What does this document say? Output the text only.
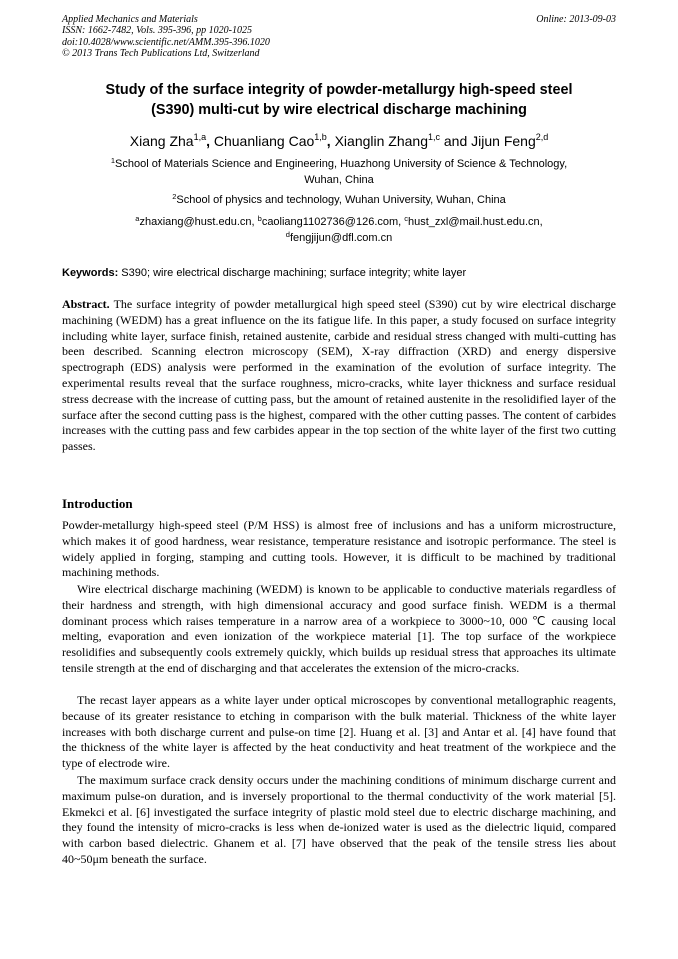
Applied Mechanics and Materials
ISSN: 1662-7482, Vols. 395-396, pp 1020-1025
doi:10.4028/www.scientific.net/AMM.395-396.1020
© 2013 Trans Tech Publications Ltd, Switzerland
Online: 2013-09-03
Study of the surface integrity of powder-metallurgy high-speed steel
(S390) multi-cut by wire electrical discharge machining
Xiang Zha$^{1,a}$, Chuanliang Cao$^{1,b}$, Xianglin Zhang$^{1,c}$ and Jijun Feng$^{2,d}$
$^1$School of Materials Science and Engineering, Huazhong University of Science & Technology,
Wuhan, China
$^2$School of physics and technology, Wuhan University, Wuhan, China
$^a$zhaxiang@hust.edu.cn, $^b$caoliang1102736@126.com, $^c$hust_zxl@mail.hust.edu.cn,
$^d$fengjijun@dfl.com.cn
Keywords: S390; wire electrical discharge machining; surface integrity; white layer
Abstract. The surface integrity of powder metallurgical high speed steel (S390) cut by wire electrical discharge machining (WEDM) has a great influence on the its fatigue life. In this paper, a study focused on surface integrity including white layer, surface finish, retained austenite, carbide and residual stress changed with multi-cutting has been described. Scanning electron microscopy (SEM), X-ray diffraction (XRD) and energy dispersive spectrograph (EDS) analysis were performed in the examination of the evolution of surface integrity. The experimental results reveal that the surface roughness, micro-cracks, white layer thickness and surface residual stress decrease with the increase of cutting pass, but the amount of retained austenite in the resolidified layer of the surface after the second cutting pass is the highest, compared with the other cutting passes. The content of carbides increases with the cutting pass and few carbides appear in the top section of the white layer of the first two cutting passes.
Introduction
Powder-metallurgy high-speed steel (P/M HSS) is almost free of inclusions and has a uniform microstructure, which makes it of good hardness, wear resistance, temperature resistance and isotropic performance. The steel is widely applied in forging, stamping and cutting tools. However, it is difficult to be machined by traditional machining methods.
Wire electrical discharge machining (WEDM) is known to be applicable to conductive materials regardless of their hardness and strength, with high dimensional accuracy and good surface finish. WEDM is a thermal dominant process which raises temperature in a narrow area of a workpiece to 3000~10, 000 ℃ causing local melting, evaporation and even ionization of the workpiece material [1]. The top surface of the workpiece resolidifies and subsequently cools extremely quickly, which builds up residual stress that approaches its ultimate tensile strength at the end of discharging and that accelerates the extension of the micro-cracks.
The recast layer appears as a white layer under optical microscopes by conventional metallographic reagents, because of its greater resistance to etching in comparison with the bulk material. Thickness of the white layer increases with both discharge current and pulse-on time [2]. Huang et al. [3] and Antar et al. [4] have found that the thickness of the white layer is affected by the heat conductivity and heat treatment of the workpiece and the type of electrode wire.
The maximum surface crack density occurs under the machining conditions of minimum discharge current and maximum pulse-on duration, and is inversely proportional to the thermal conductivity of the work material [5]. Ekmekci et al. [6] investigated the surface integrity of plastic mold steel due to electric discharge machining, and they found the intensity of micro-cracks is less when de-ionized water is used as the dielectric liquid, compared with carbon based dielectric. Ghanem et al. [7] have observed that the peak of the tensile stress lies about 40~50μm beneath the surface.
